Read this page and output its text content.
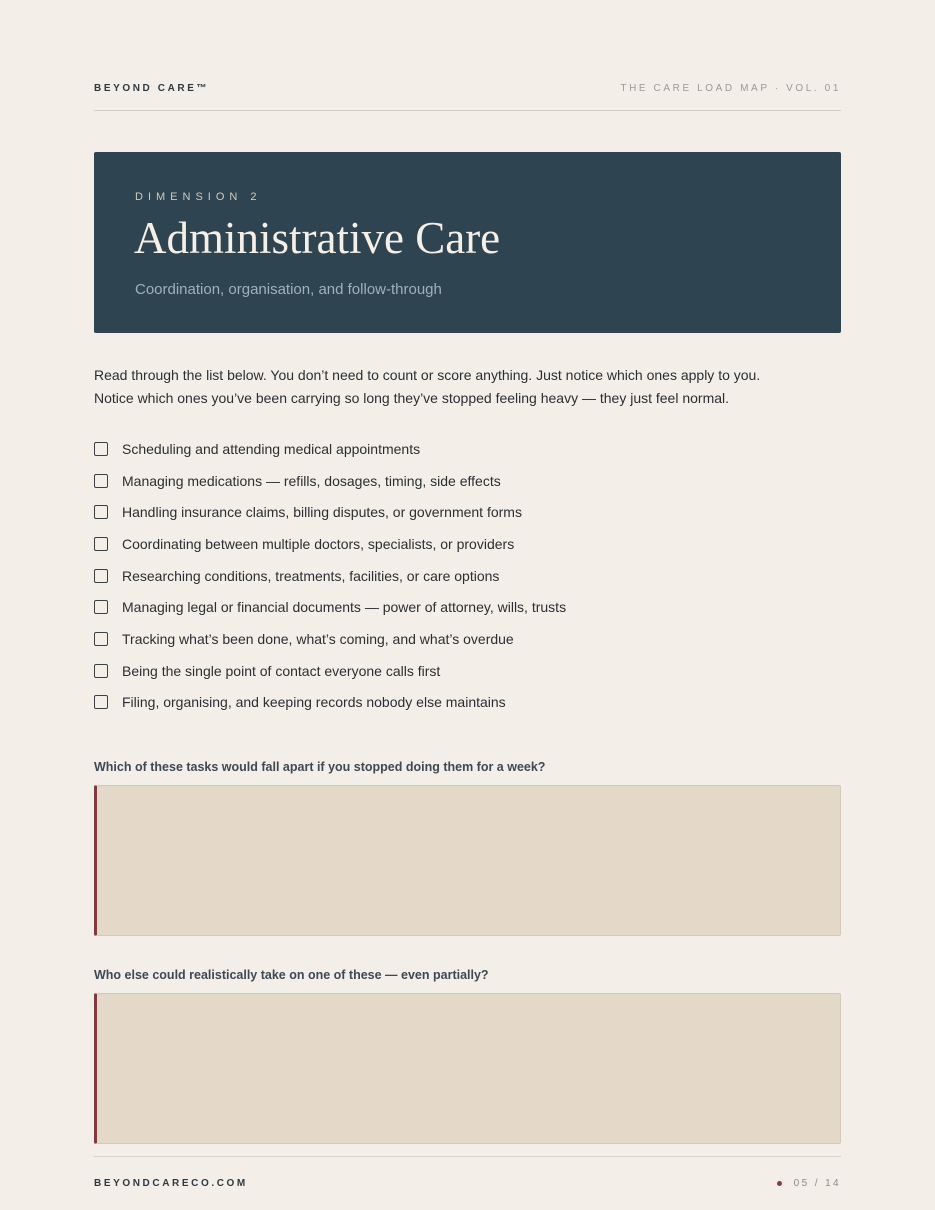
BEYOND CARE™	THE CARE LOAD MAP · VOL. 01
DIMENSION 2
Administrative Care
Coordination, organisation, and follow-through

Read through the list below. You don’t need to count or score anything. Just notice which ones apply to you. Notice which ones you’ve been carrying so long they’ve stopped feeling heavy — they just feel normal.

Scheduling and attending medical appointments
Managing medications — refills, dosages, timing, side effects
Handling insurance claims, billing disputes, or government forms
Coordinating between multiple doctors, specialists, or providers
Researching conditions, treatments, facilities, or care options
Managing legal or financial documents — power of attorney, wills, trusts
Tracking what’s been done, what’s coming, and what’s overdue
Being the single point of contact everyone calls first
Filing, organising, and keeping records nobody else maintains
Which of these tasks would fall apart if you stopped doing them for a week?
Who else could realistically take on one of these — even partially?
BEYONDCARECO.COM	05 / 14
